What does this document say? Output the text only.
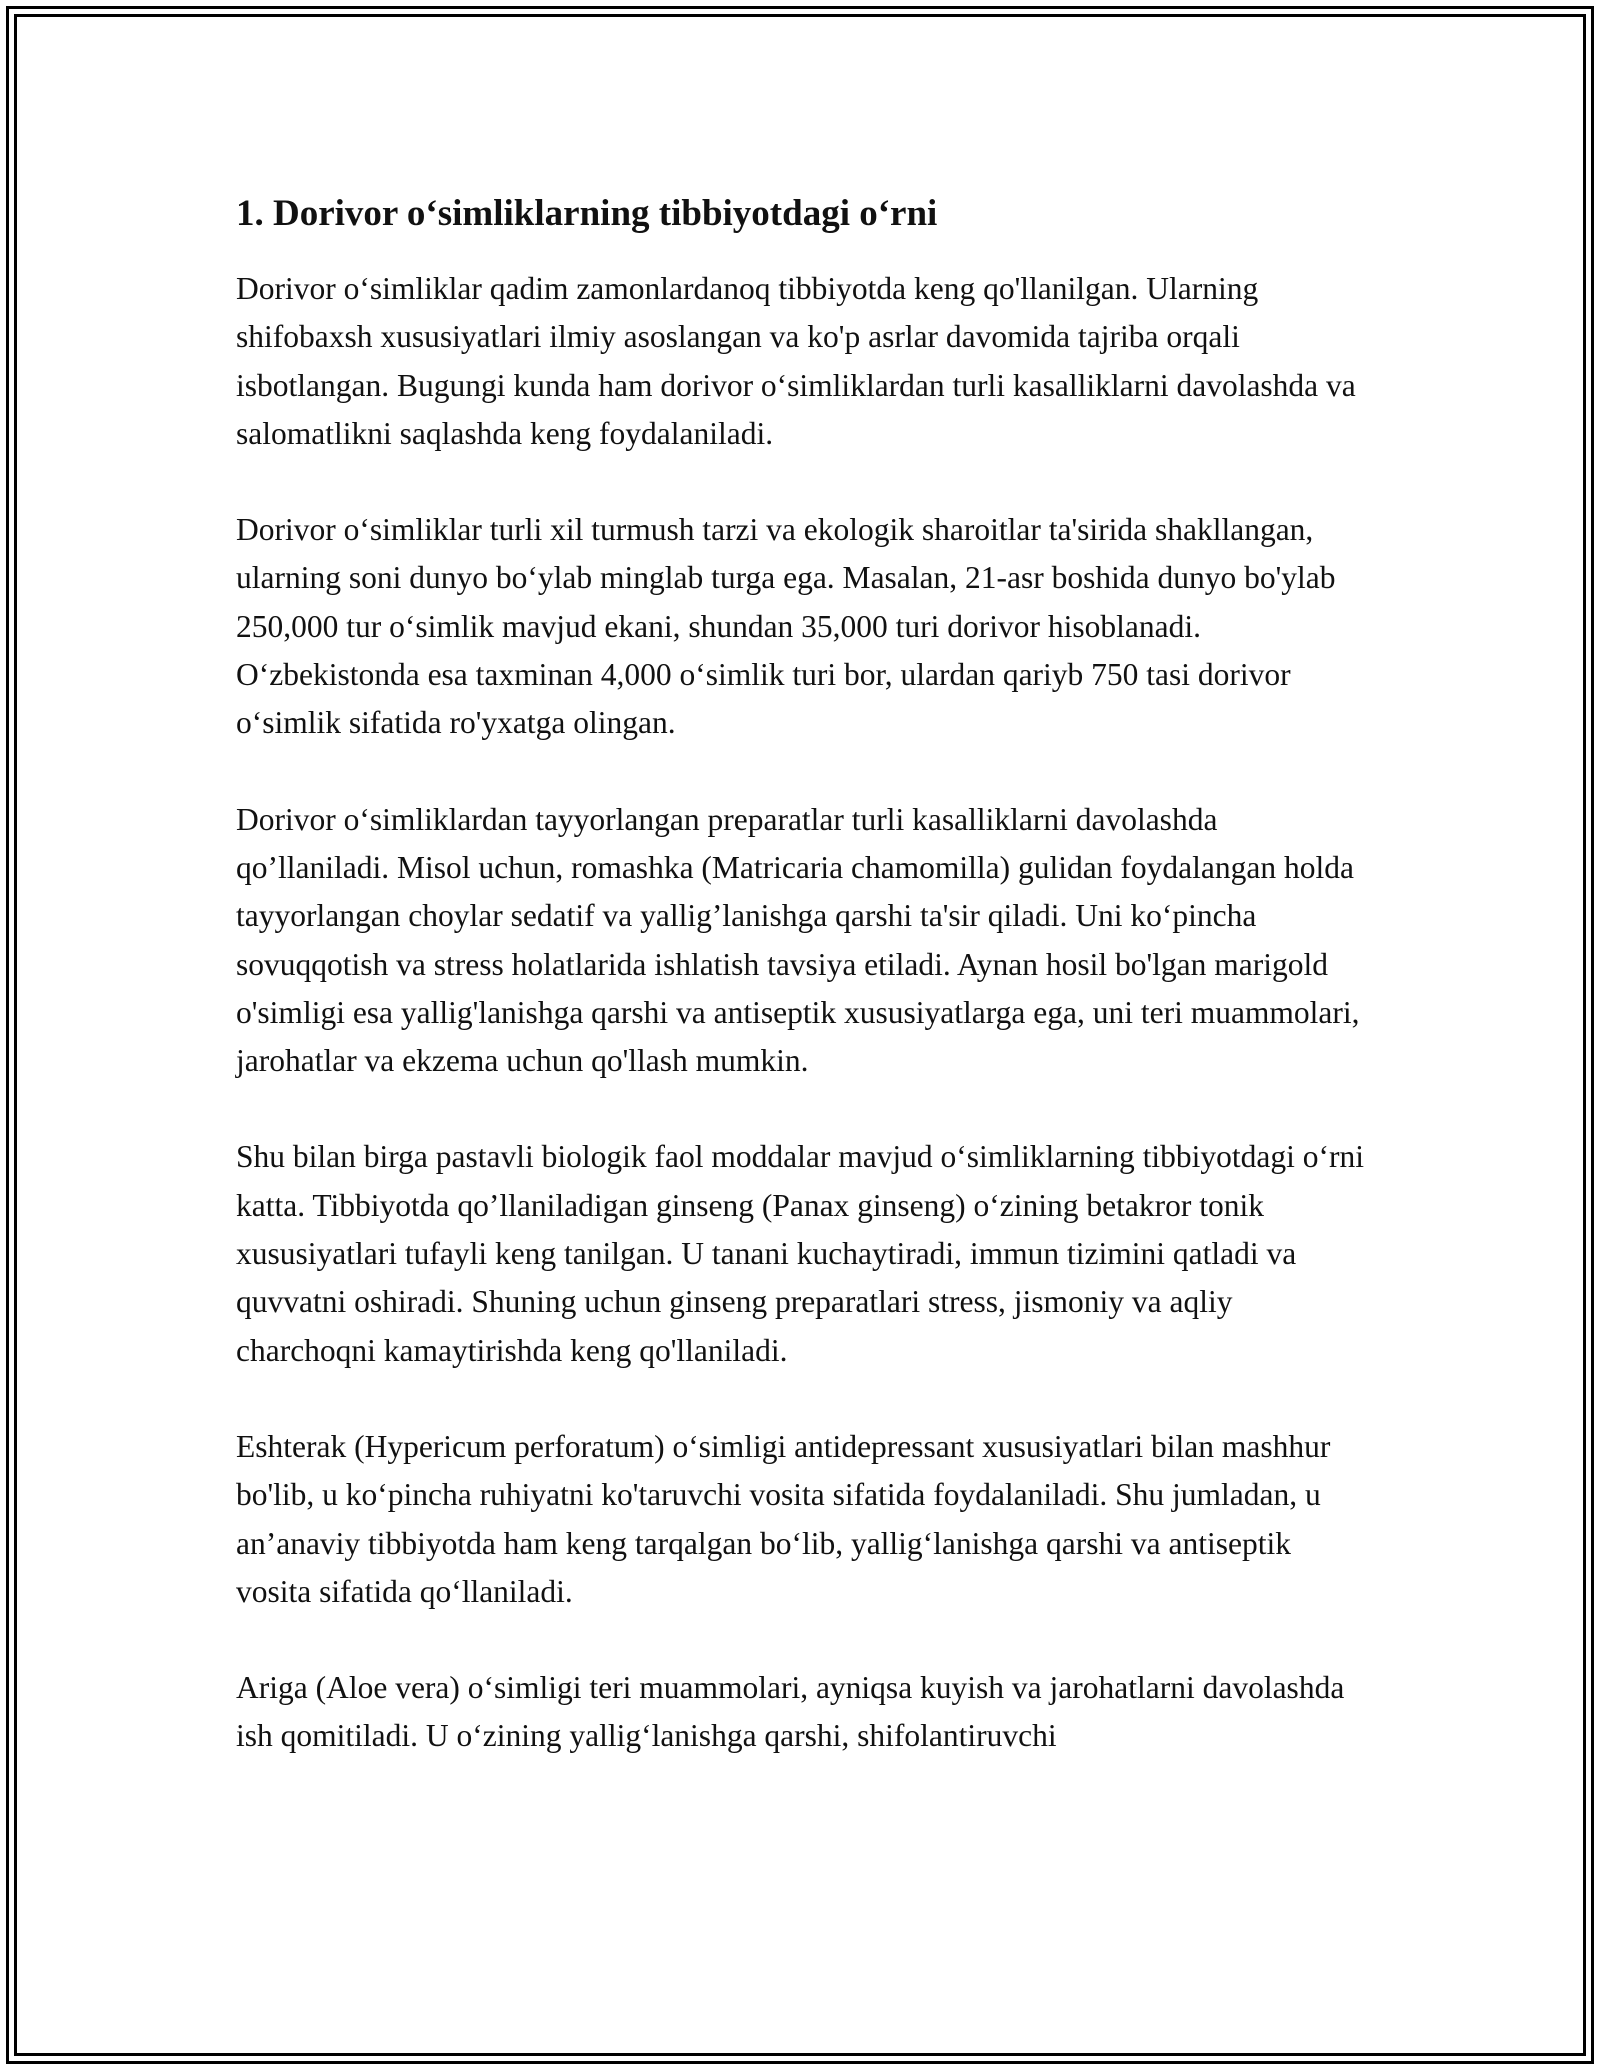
1. Dorivor o‘simliklarning tibbiyotdagi o‘rni

Dorivor o‘simliklar qadim zamonlardanoq tibbiyotda keng qo'llanilgan. Ularning shifobaxsh xususiyatlari ilmiy asoslangan va ko'p asrlar davomida tajriba orqali isbotlangan. Bugungi kunda ham dorivor o‘simliklardan turli kasalliklarni davolashda va salomatlikni saqlashda keng foydalaniladi.

Dorivor o‘simliklar turli xil turmush tarzi va ekologik sharoitlar ta'sirida shakllangan, ularning soni dunyo bo‘ylab minglab turga ega. Masalan, 21-asr boshida dunyo bo'ylab 250,000 tur o‘simlik mavjud ekani, shundan 35,000 turi dorivor hisoblanadi. O‘zbekistonda esa taxminan 4,000 o‘simlik turi bor, ulardan qariyb 750 tasi dorivor o‘simlik sifatida ro'yxatga olingan.

Dorivor o‘simliklardan tayyorlangan preparatlar turli kasalliklarni davolashda qo’llaniladi. Misol uchun, romashka (Matricaria chamomilla) gulidan foydalangan holda tayyorlangan choylar sedatif va yallig’lanishga qarshi ta'sir qiladi. Uni ko‘pincha sovuqqotish va stress holatlarida ishlatish tavsiya etiladi. Aynan hosil bo'lgan marigold o'simligi esa yallig'lanishga qarshi va antiseptik xususiyatlarga ega, uni teri muammolari, jarohatlar va ekzema uchun qo'llash mumkin.

Shu bilan birga pastavli biologik faol moddalar mavjud o‘simliklarning tibbiyotdagi o‘rni katta. Tibbiyotda qo’llaniladigan ginseng (Panax ginseng) o‘zining betakror tonik xususiyatlari tufayli keng tanilgan. U tanani kuchaytiradi, immun tizimini qatladi va quvvatni oshiradi. Shuning uchun ginseng preparatlari stress, jismoniy va aqliy charchoqni kamaytirishda keng qo'llaniladi.

Eshterak (Hypericum perforatum) o‘simligi antidepressant xususiyatlari bilan mashhur bo'lib, u ko‘pincha ruhiyatni ko'taruvchi vosita sifatida foydalaniladi. Shu jumladan, u an’anaviy tibbiyotda ham keng tarqalgan bo‘lib, yallig‘lanishga qarshi va antiseptik vosita sifatida qo‘llaniladi.

Ariga (Aloe vera) o‘simligi teri muammolari, ayniqsa kuyish va jarohatlarni davolashda ish qomitiladi. U o‘zining yallig‘lanishga qarshi, shifolantiruvchi
